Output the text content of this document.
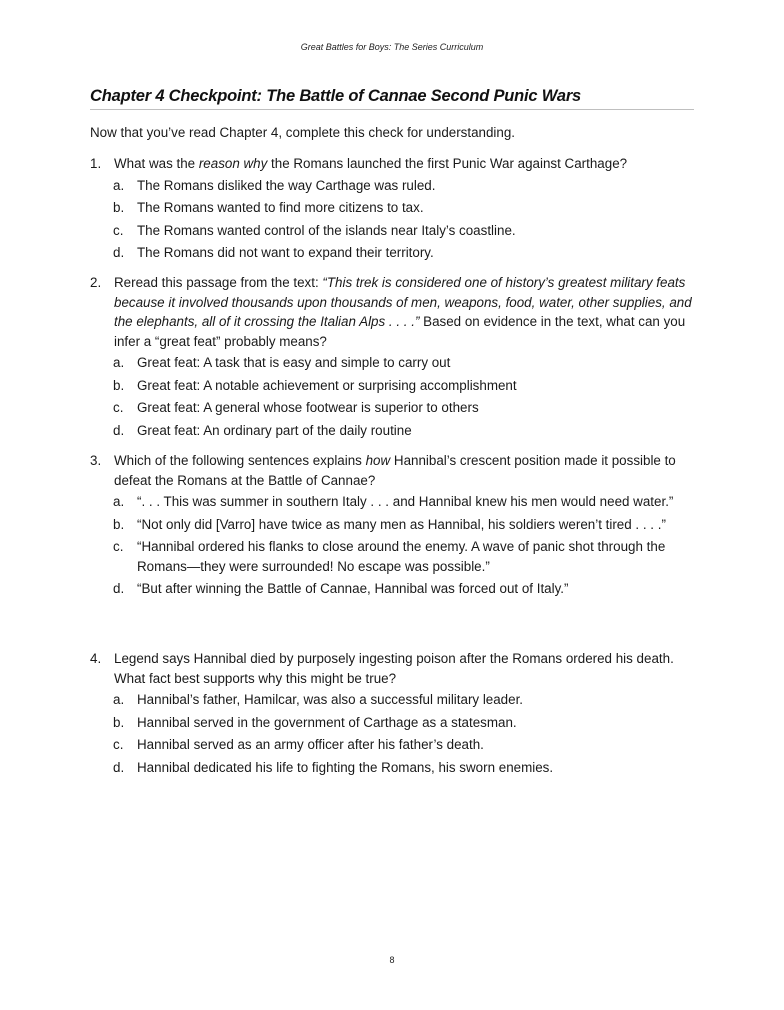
Great Battles for Boys: The Series Curriculum
Chapter 4 Checkpoint: The Battle of Cannae Second Punic Wars

Now that you’ve read Chapter 4, complete this check for understanding.

1. What was the reason why the Romans launched the first Punic War against Carthage?
a. The Romans disliked the way Carthage was ruled.
b. The Romans wanted to find more citizens to tax.
c.	The Romans wanted control of the islands near Italy’s coastline.
d. The Romans did not want to expand their territory.
2. Reread this passage from the text: “This trek is considered one of history’s greatest military feats because it involved thousands upon thousands of men, weapons, food, water, other supplies, and the elephants, all of it crossing the Italian Alps . . . .” Based on evidence in the text, what can you infer a “great feat” probably means?
a. Great feat: A task that is easy and simple to carry out
b. Great feat: A notable achievement or surprising accomplishment
c.	Great feat: A general whose footwear is superior to others
d. Great feat: An ordinary part of the daily routine
3. Which of the following sentences explains how Hannibal’s crescent position made it possible to defeat the Romans at the Battle of Cannae?
a. “. . . This was summer in southern Italy . . . and Hannibal knew his men would need water.”
b. “Not only did [Varro] have twice as many men as Hannibal, his soldiers weren’t tired . . . .”
c.	“Hannibal ordered his flanks to close around the enemy. A wave of panic shot through the Romans—they were surrounded! No escape was possible.”
d. “But after winning the Battle of Cannae, Hannibal was forced out of Italy.”
4. Legend says Hannibal died by purposely ingesting poison after the Romans ordered his death. What fact best supports why this might be true?
a. Hannibal’s father, Hamilcar, was also a successful military leader.
b. Hannibal served in the government of Carthage as a statesman.
c.	Hannibal served as an army officer after his father’s death.
d. Hannibal dedicated his life to fighting the Romans, his sworn enemies.
8
